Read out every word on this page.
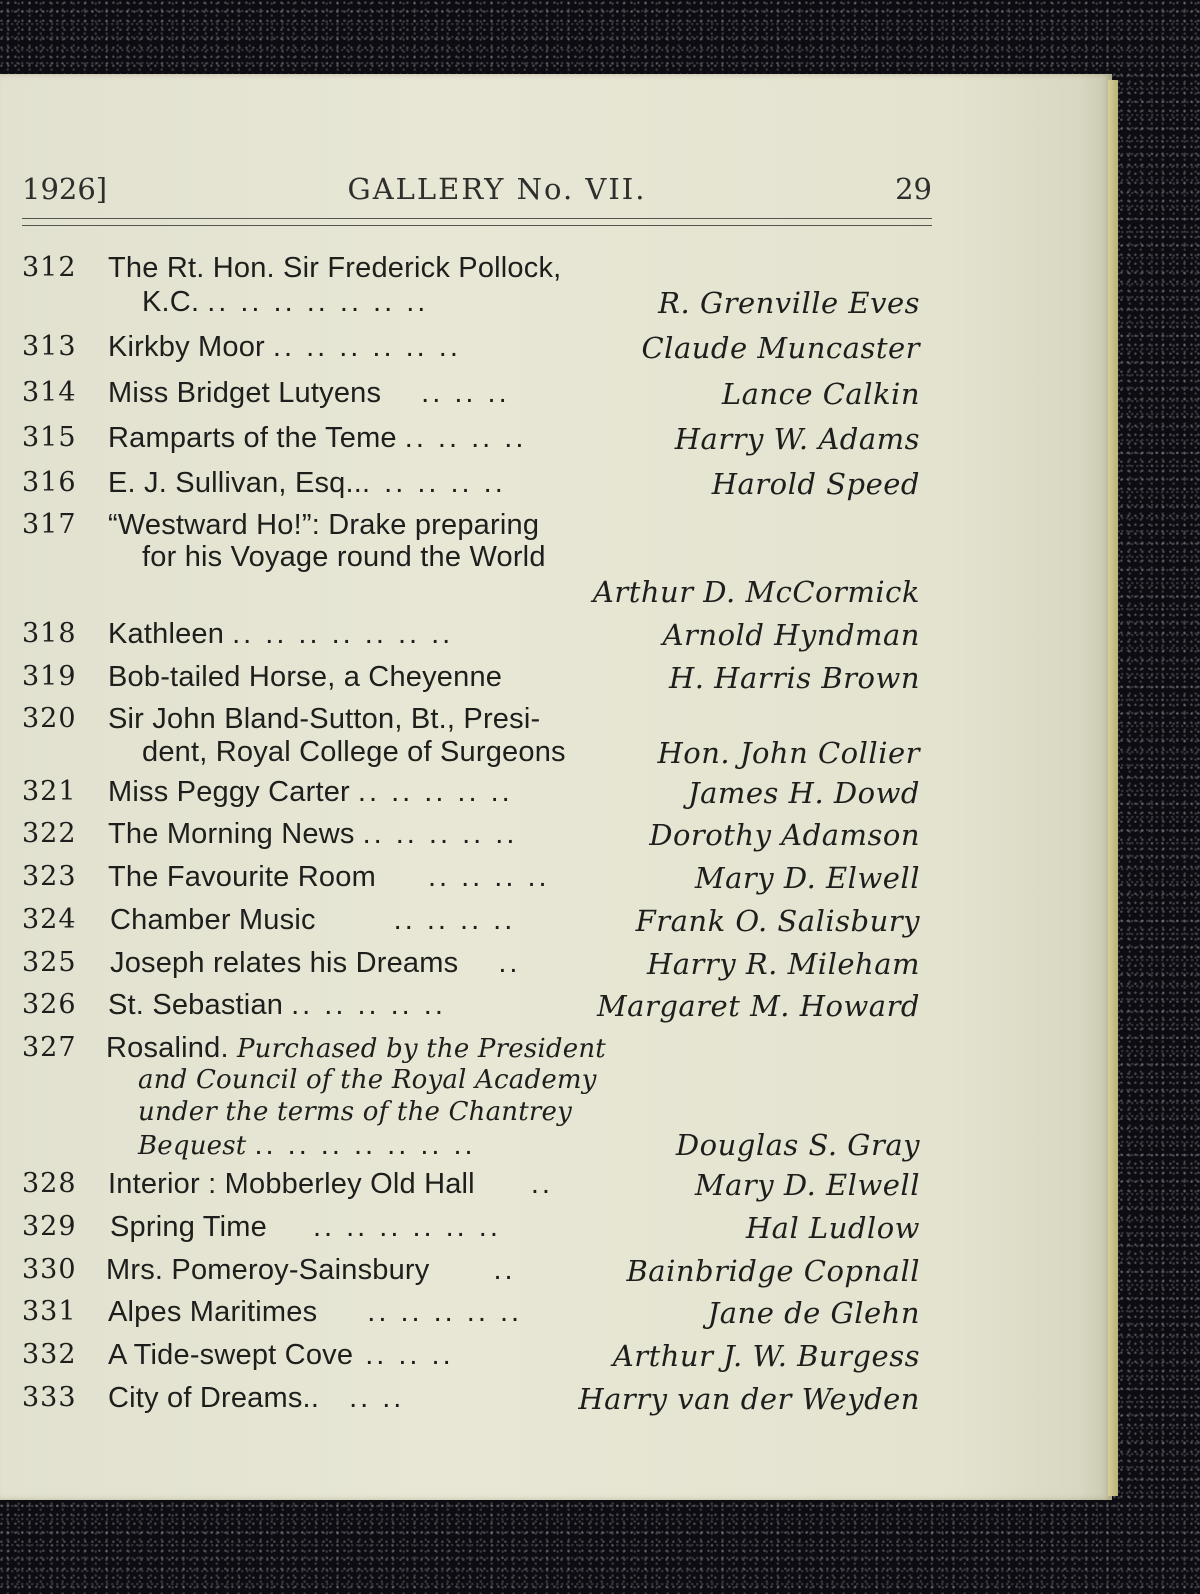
1926]	GALLERY No. VII.	29
312 The Rt. Hon. Sir Frederick Pollock,
K.C. .. .. .. .. .. .. ..	R. Grenville Eves
313 Kirkby Moor .. .. .. .. .. ..	Claude Muncaster
314 Miss Bridget Lutyens .. .. ..	Lance Calkin
315 Ramparts of the Teme .. .. .. ..	Harry W. Adams
316 E. J. Sullivan, Esq... .. .. .. ..	Harold Speed
317 “Westward Ho!”: Drake preparing
for his Voyage round the World
Arthur D. McCormick
318 Kathleen .. .. .. .. .. .. ..	Arnold Hyndman
319 Bob-tailed Horse, a Cheyenne	H. Harris Brown
320 Sir John Bland-Sutton, Bt., Presi-
dent, Royal College of Surgeons	Hon. John Collier
321 Miss Peggy Carter .. .. .. .. ..	James H. Dowd
322 The Morning News .. .. .. .. ..	Dorothy Adamson
323 The Favourite Room .. .. .. ..	Mary D. Elwell
324 Chamber Music	.. .. .. ..	Frank O. Salisbury
325 Joseph relates his Dreams ..	Harry R. Mileham
326 St. Sebastian .. .. .. .. ..	Margaret M. Howard
327 Rosalind. Purchased by the President
and Council of the Royal Academy
under the terms of the Chantrey
Bequest .. .. .. .. .. .. ..	Douglas S. Gray
328 Interior : Mobberley Old Hall ..	Mary D. Elwell
329 Spring Time .. .. .. .. .. ..	Hal Ludlow
330 Mrs. Pomeroy-Sainsbury ..	Bainbridge Copnall
331 Alpes Maritimes .. .. .. .. ..	Jane de Glehn
332 A Tide-swept Cove .. .. ..	Arthur J. W. Burgess
333 City of Dreams.. .. ..	Harry van der Weyden
